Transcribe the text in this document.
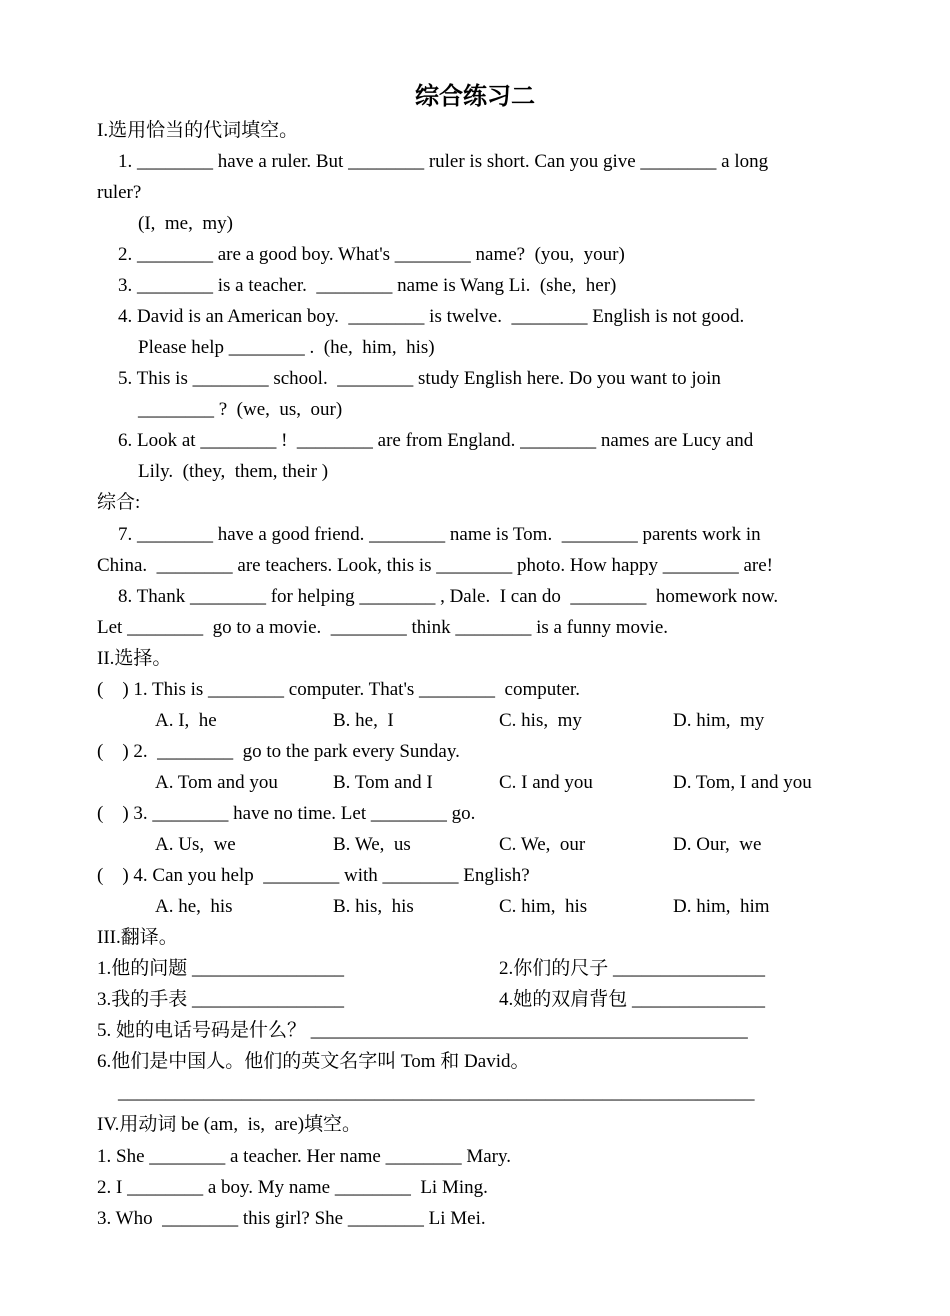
综合练习二
I.选用恰当的代词填空。
1. ________ have a ruler. But ________ ruler is short. Can you give ________ a long
ruler?
(I,  me,  my)
2. ________ are a good boy. What's ________ name?  (you,  your)
3. ________ is a teacher.  ________ name is Wang Li.  (she,  her)
4. David is an American boy.  ________ is twelve.  ________ English is not good.
Please help ________ .  (he,  him,  his)
5. This is ________ school.  ________ study English here. Do you want to join
________ ?  (we,  us,  our)
6. Look at ________ !  ________ are from England. ________ names are Lucy and
Lily.  (they,  them, their )
综合:
7. ________ have a good friend. ________ name is Tom.  ________ parents work in
China.  ________ are teachers. Look, this is ________ photo. How happy ________ are!
8. Thank ________ for helping ________ , Dale.  I can do  ________  homework now.
Let ________  go to a movie.  ________ think ________ is a funny movie.
II.选择。
(    ) 1. This is ________ computer. That's ________  computer.
A. I,  he	B. he,  I	C. his,  my	D. him,  my
(    ) 2.  ________  go to the park every Sunday.
A. Tom and you	B. Tom and I	C. I and you	D. Tom, I and you
(    ) 3. ________ have no time. Let ________ go.
A. Us,  we	B. We,  us	C. We,  our	D. Our,  we
(    ) 4. Can you help  ________ with ________ English?
A. he,  his	B. his,  his	C. him,  his	D. him,  him
III.翻译。
1.他的问题 ________________	2.你们的尺子 ________________
3.我的手表 ________________	4.她的双肩背包 ______________
5. 她的电话号码是什么？ ______________________________________________
6.他们是中国人。他们的英文名字叫 Tom 和 David。
___________________________________________________________________
IV.用动词 be (am,  is,  are)填空。
1. She ________ a teacher. Her name ________ Mary.
2. I ________ a boy. My name ________  Li Ming.
3. Who  ________ this girl? She ________ Li Mei.
